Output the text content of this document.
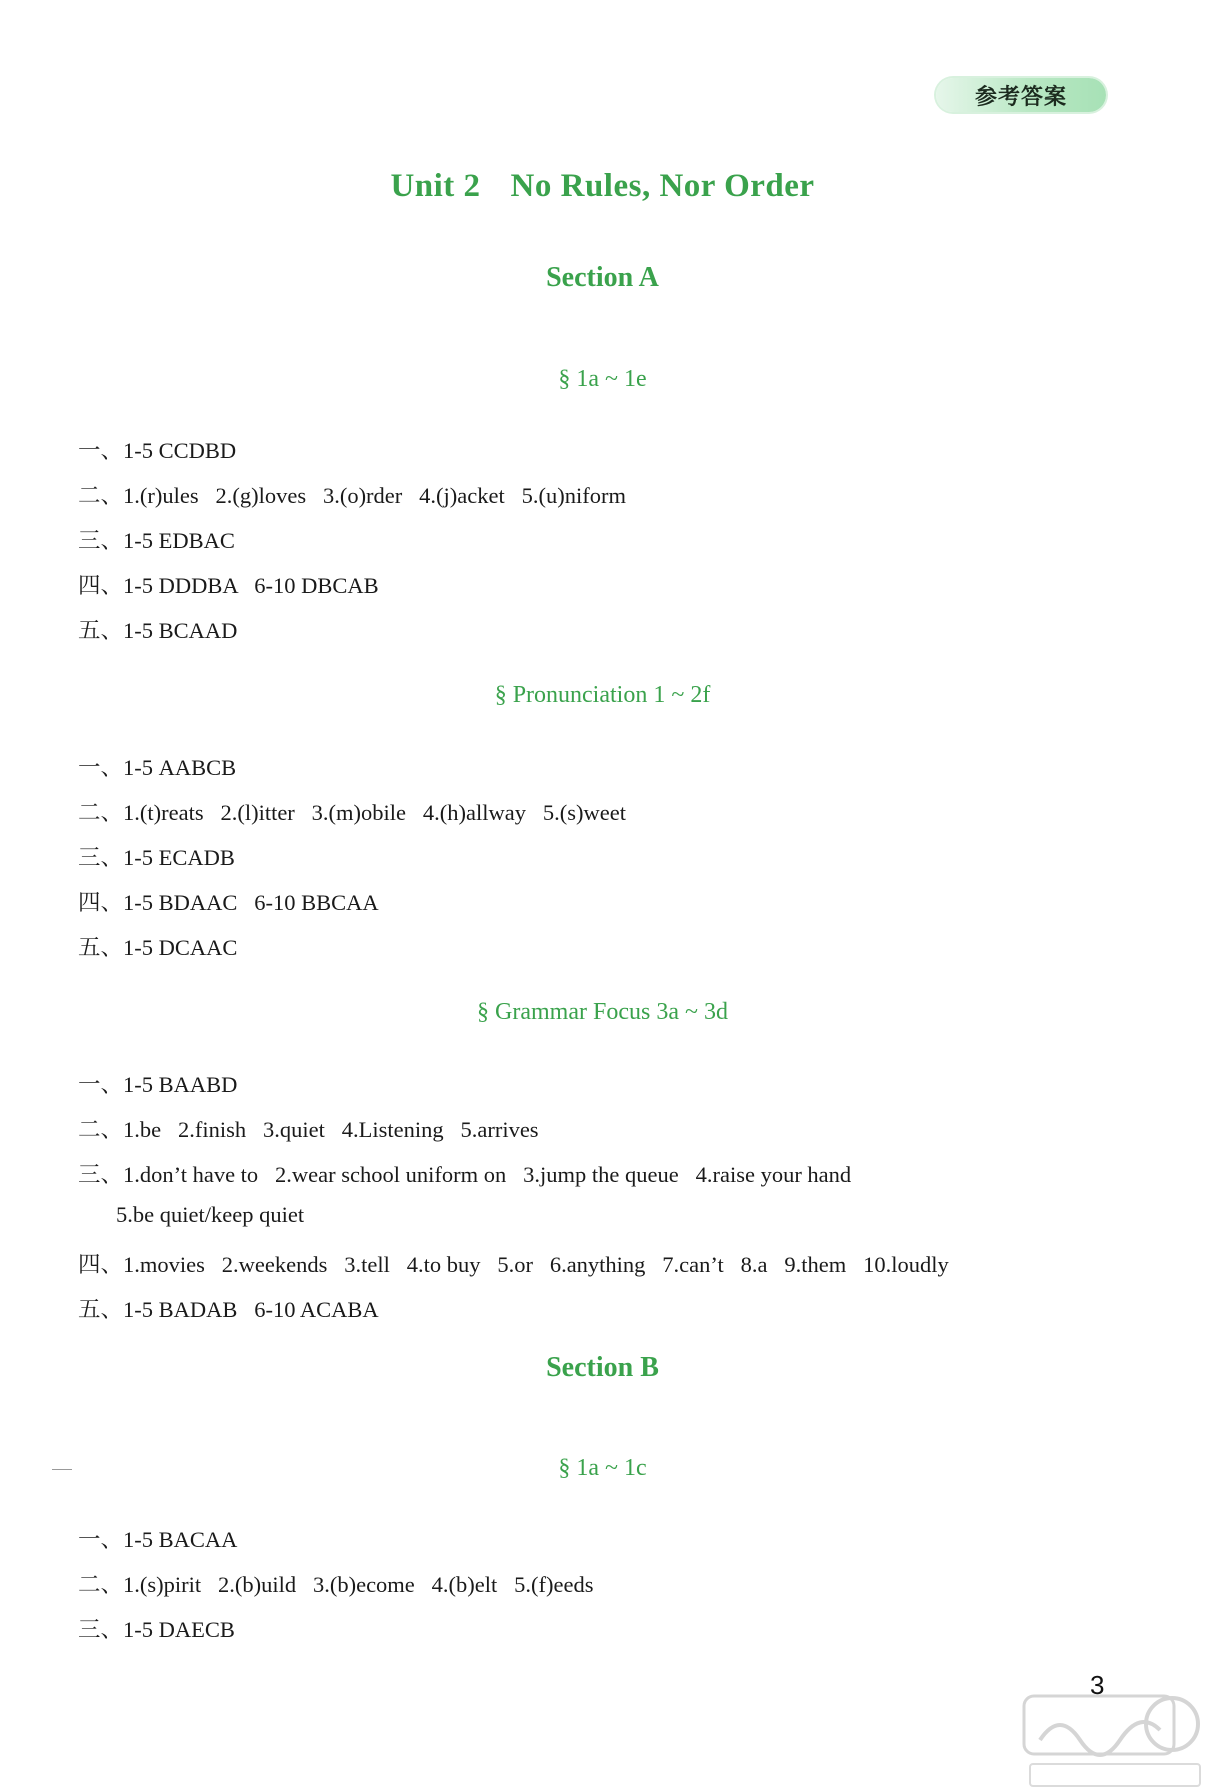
参考答案
Unit 2 No Rules, Nor Order
Section A
§ 1a ~ 1e
一、1-5 CCDBD
二、1.(r)ules   2.(g)loves   3.(o)rder   4.(j)acket   5.(u)niform
三、1-5 EDBAC
四、1-5 DDDBA   6-10 DBCAB
五、1-5 BCAAD
§ Pronunciation 1 ~ 2f
一、1-5 AABCB
二、1.(t)reats   2.(l)itter   3.(m)obile   4.(h)allway   5.(s)weet
三、1-5 ECADB
四、1-5 BDAAC   6-10 BBCAA
五、1-5 DCAAC
§ Grammar Focus 3a ~ 3d
一、1-5 BAABD
二、1.be   2.finish   3.quiet   4.Listening   5.arrives
三、1.don’t have to   2.wear school uniform on   3.jump the queue   4.raise your hand
5.be quiet/keep quiet
四、1.movies   2.weekends   3.tell   4.to buy   5.or   6.anything   7.can’t   8.a   9.them   10.loudly
五、1-5 BADAB   6-10 ACABA
Section B
§ 1a ~ 1c
一、1-5 BACAA
二、1.(s)pirit   2.(b)uild   3.(b)ecome   4.(b)elt   5.(f)eeds
三、1-5 DAECB
3
